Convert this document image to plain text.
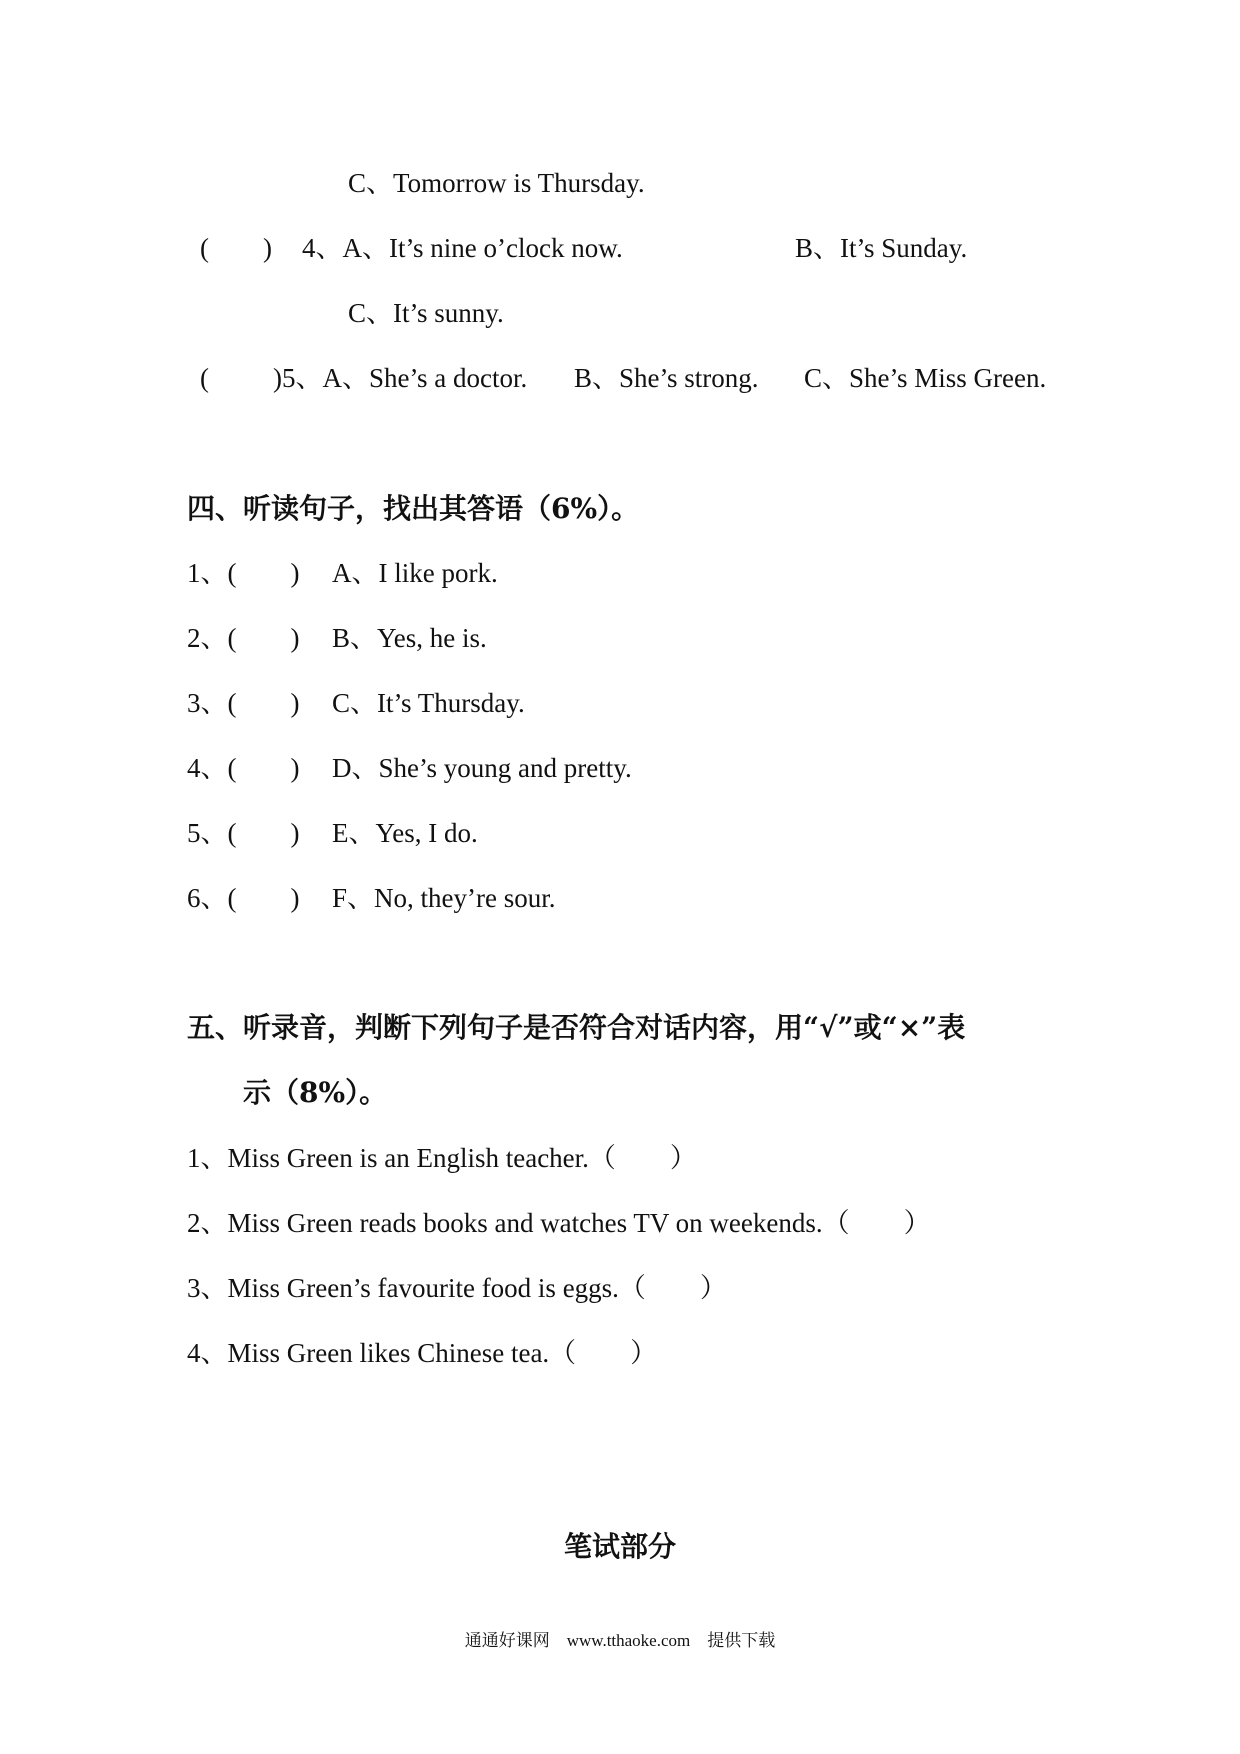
C、Tomorrow is Thursday.
(　　) 4、A、It’s nine o’clock now.	B、It’s Sunday.
C、It’s sunny.
(　　 )5、A、She’s a doctor. B、She’s strong. C、She’s Miss Green.
四、听读句子，找出其答语（6%）。
1、(　　) A、I like pork.
2、(　　) B、Yes, he is.
3、(　　) C、It’s Thursday.
4、(　　) D、She’s young and pretty.
5、(　　) E、Yes, I do.
6、(　　) F、No, they’re sour.
五、听录音，判断下列句子是否符合对话内容，用“√”或“×”表
示（8%）。
1、Miss Green is an English teacher.（　　）
2、Miss Green reads books and watches TV on weekends.（　　）
3、Miss Green’s favourite food is eggs.（　　）
4、Miss Green likes Chinese tea.（　　）
笔试部分
通通好课网　www.tthaoke.com　提供下载
